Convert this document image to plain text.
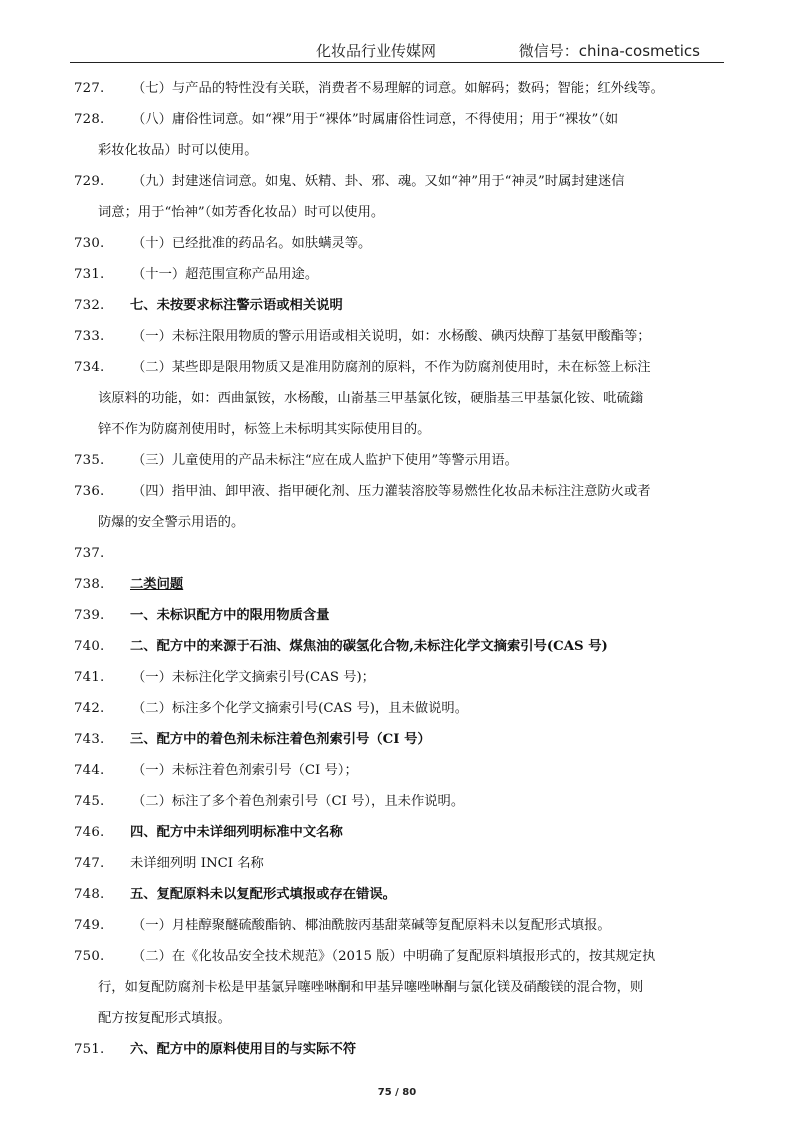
化妆品行业传媒网	微信号：china-cosmetics
727.	（七）与产品的特性没有关联，消费者不易理解的词意。如解码；数码；智能；红外线等。
728.	（八）庸俗性词意。如“裸”用于“裸体”时属庸俗性词意，不得使用；用于“裸妆”（如
彩妆化妆品）时可以使用。
729.	（九）封建迷信词意。如鬼、妖精、卦、邪、魂。又如“神”用于“神灵”时属封建迷信
词意；用于“怡神”（如芳香化妆品）时可以使用。
730.	（十）已经批准的药品名。如肤螨灵等。
731.	（十一）超范围宣称产品用途。
732.	七、未按要求标注警示语或相关说明
733.	（一）未标注限用物质的警示用语或相关说明，如：水杨酸、碘丙炔醇丁基氨甲酸酯等；
734.	（二）某些即是限用物质又是准用防腐剂的原料，不作为防腐剂使用时，未在标签上标注
该原料的功能，如：西曲氯铵，水杨酸，山嵛基三甲基氯化铵，硬脂基三甲基氯化铵、吡硫鎓
锌不作为防腐剂使用时，标签上未标明其实际使用目的。
735.	（三）儿童使用的产品未标注“应在成人监护下使用”等警示用语。
736.	（四）指甲油、卸甲液、指甲硬化剂、压力灌装溶胶等易燃性化妆品未标注注意防火或者
防爆的安全警示用语的。
737.
738.	二类问题
739.	一、未标识配方中的限用物质含量
740.	二、配方中的来源于石油、煤焦油的碳氢化合物,未标注化学文摘索引号(CAS 号)
741.	（一）未标注化学文摘索引号(CAS 号)；
742.	（二）标注多个化学文摘索引号(CAS 号)，且未做说明。
743.	三、配方中的着色剂未标注着色剂索引号（CI 号）
744.	（一）未标注着色剂索引号（CI 号）；
745.	（二）标注了多个着色剂索引号（CI 号），且未作说明。
746.	四、配方中未详细列明标准中文名称
747.	未详细列明 INCI 名称
748.	五、复配原料未以复配形式填报或存在错误。
749.	（一）月桂醇聚醚硫酸酯钠、椰油酰胺丙基甜菜碱等复配原料未以复配形式填报。
750.	（二）在《化妆品安全技术规范》（2015 版）中明确了复配原料填报形式的，按其规定执
行，如复配防腐剂卡松是甲基氯异噻唑啉酮和甲基异噻唑啉酮与氯化镁及硝酸镁的混合物，则
配方按复配形式填报。
751.	六、配方中的原料使用目的与实际不符
75 / 80
